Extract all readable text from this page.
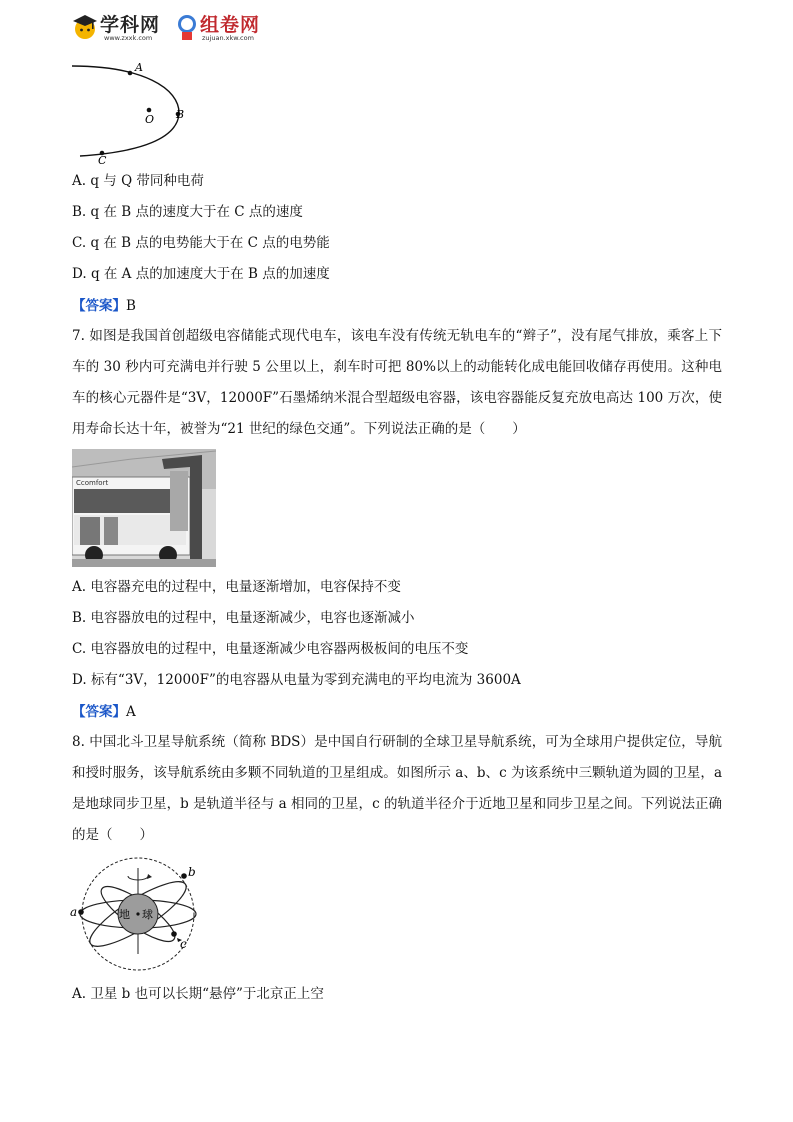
学科网
www.zxxk.com
组卷网
zujuan.xkw.com
A
B
O
C
A. q 与 Q 带同种电荷
B. q 在 B 点的速度大于在 C 点的速度
C. q 在 B 点的电势能大于在 C 点的电势能
D. q 在 A 点的加速度大于在 B 点的加速度
【答案】B
7. 如图是我国首创超级电容储能式现代电车，该电车没有传统无轨电车的“辫子”，没有尾气排放，乘客上下车的 30 秒内可充满电并行驶 5 公里以上，刹车时可把 80%以上的动能转化成电能回收储存再使用。这种电车的核心元器件是“3V，12000F”石墨烯纳米混合型超级电容器，该电容器能反复充放电高达 100 万次，使用寿命长达十年，被誉为“21 世纪的绿色交通”。下列说法正确的是（　　）
Ccomfort
A. 电容器充电的过程中，电量逐渐增加，电容保持不变
B. 电容器放电的过程中，电量逐渐减少，电容也逐渐减小
C. 电容器放电的过程中，电量逐渐减少电容器两极板间的电压不变
D. 标有“3V，12000F”的电容器从电量为零到充满电的平均电流为 3600A
【答案】A
8. 中国北斗卫星导航系统（简称 BDS）是中国自行研制的全球卫星导航系统，可为全球用户提供定位，导航和授时服务，该导航系统由多颗不同轨道的卫星组成。如图所示 a、b、c 为该系统中三颗轨道为圆的卫星，a 是地球同步卫星，b 是轨道半径与 a 相同的卫星，c 的轨道半径介于近地卫星和同步卫星之间。下列说法正确的是（　　）
地 球
a
b
c
A. 卫星 b 也可以长期“悬停”于北京正上空
